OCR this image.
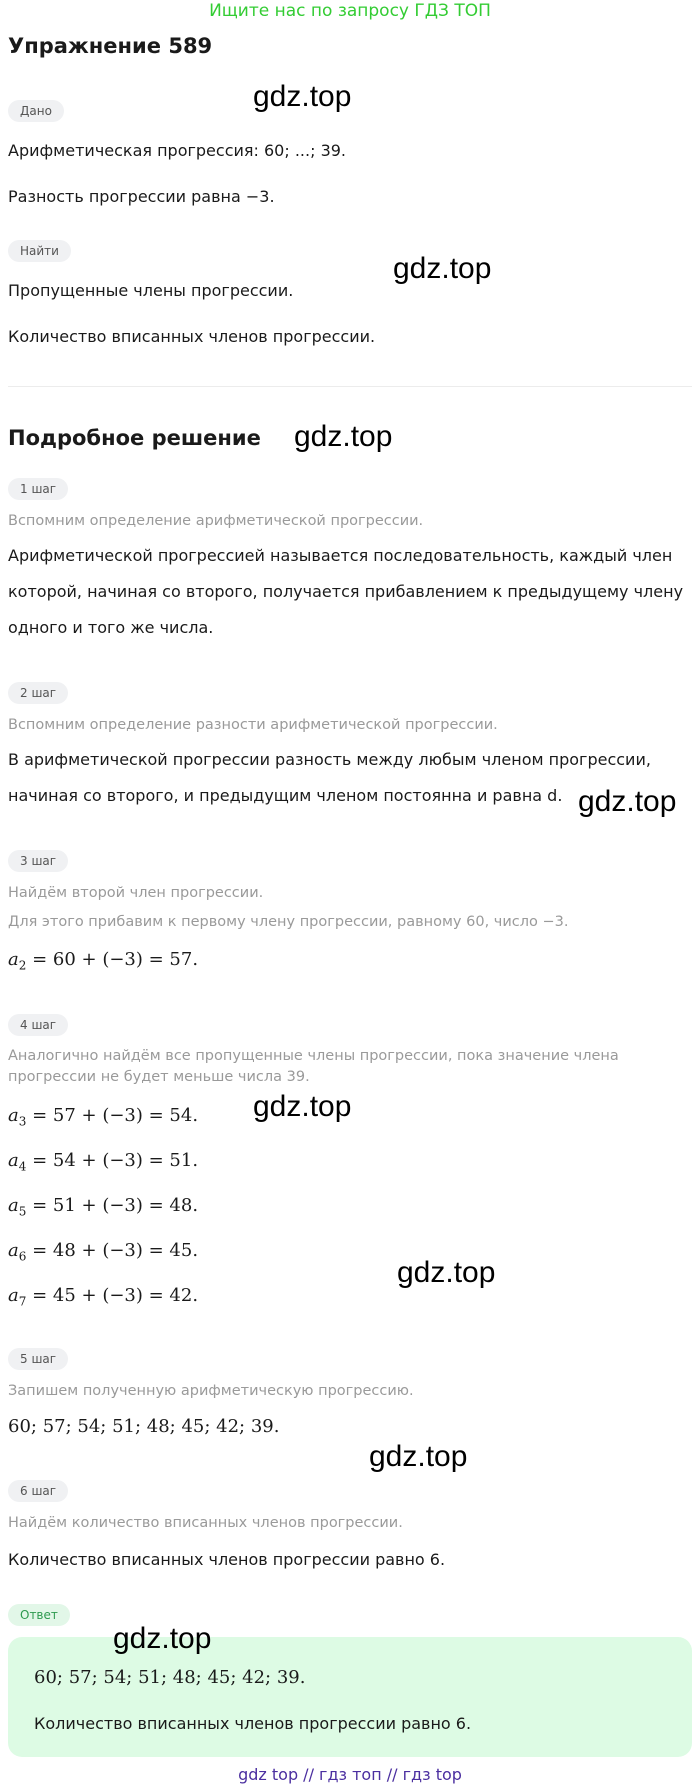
Ищите нас по запросу ГДЗ ТОП
Упражнение 589
Дано
Арифметическая прогрессия: 60; ...; 39.
Разность прогрессии равна −3.
Найти
Пропущенные члены прогрессии.
Количество вписанных членов прогрессии.
Подробное решение
1 шаг
Вспомним определение арифметической прогрессии.
Арифметической прогрессией называется последовательность, каждый член которой, начиная со второго, получается прибавлением к предыдущему члену одного и того же числа.
2 шаг
Вспомним определение разности арифметической прогрессии.
В арифметической прогрессии разность между любым членом прогрессии, начиная со второго, и предыдущим членом постоянна и равна d.
3 шаг
Найдём второй член прогрессии.
Для этого прибавим к первому члену прогрессии, равному 60, число −3.
$a_2 = 60 + (-3) = 57$.
4 шаг
Аналогично найдём все пропущенные члены прогрессии, пока значение члена прогрессии не будет меньше числа 39.
$a_3 = 57 + (-3) = 54$.
$a_4 = 54 + (-3) = 51$.
$a_5 = 51 + (-3) = 48$.
$a_6 = 48 + (-3) = 45$.
$a_7 = 45 + (-3) = 42$.
5 шаг
Запишем полученную арифметическую прогрессию.
60; 57; 54; 51; 48; 45; 42; 39.
6 шаг
Найдём количество вписанных членов прогрессии.
Количество вписанных членов прогрессии равно 6.
Ответ
60; 57; 54; 51; 48; 45; 42; 39.
Количество вписанных членов прогрессии равно 6.
gdz.top
gdz.top
gdz.top
gdz.top
gdz.top
gdz.top
gdz.top
gdz.top
gdz top // гдз топ // гдз top
